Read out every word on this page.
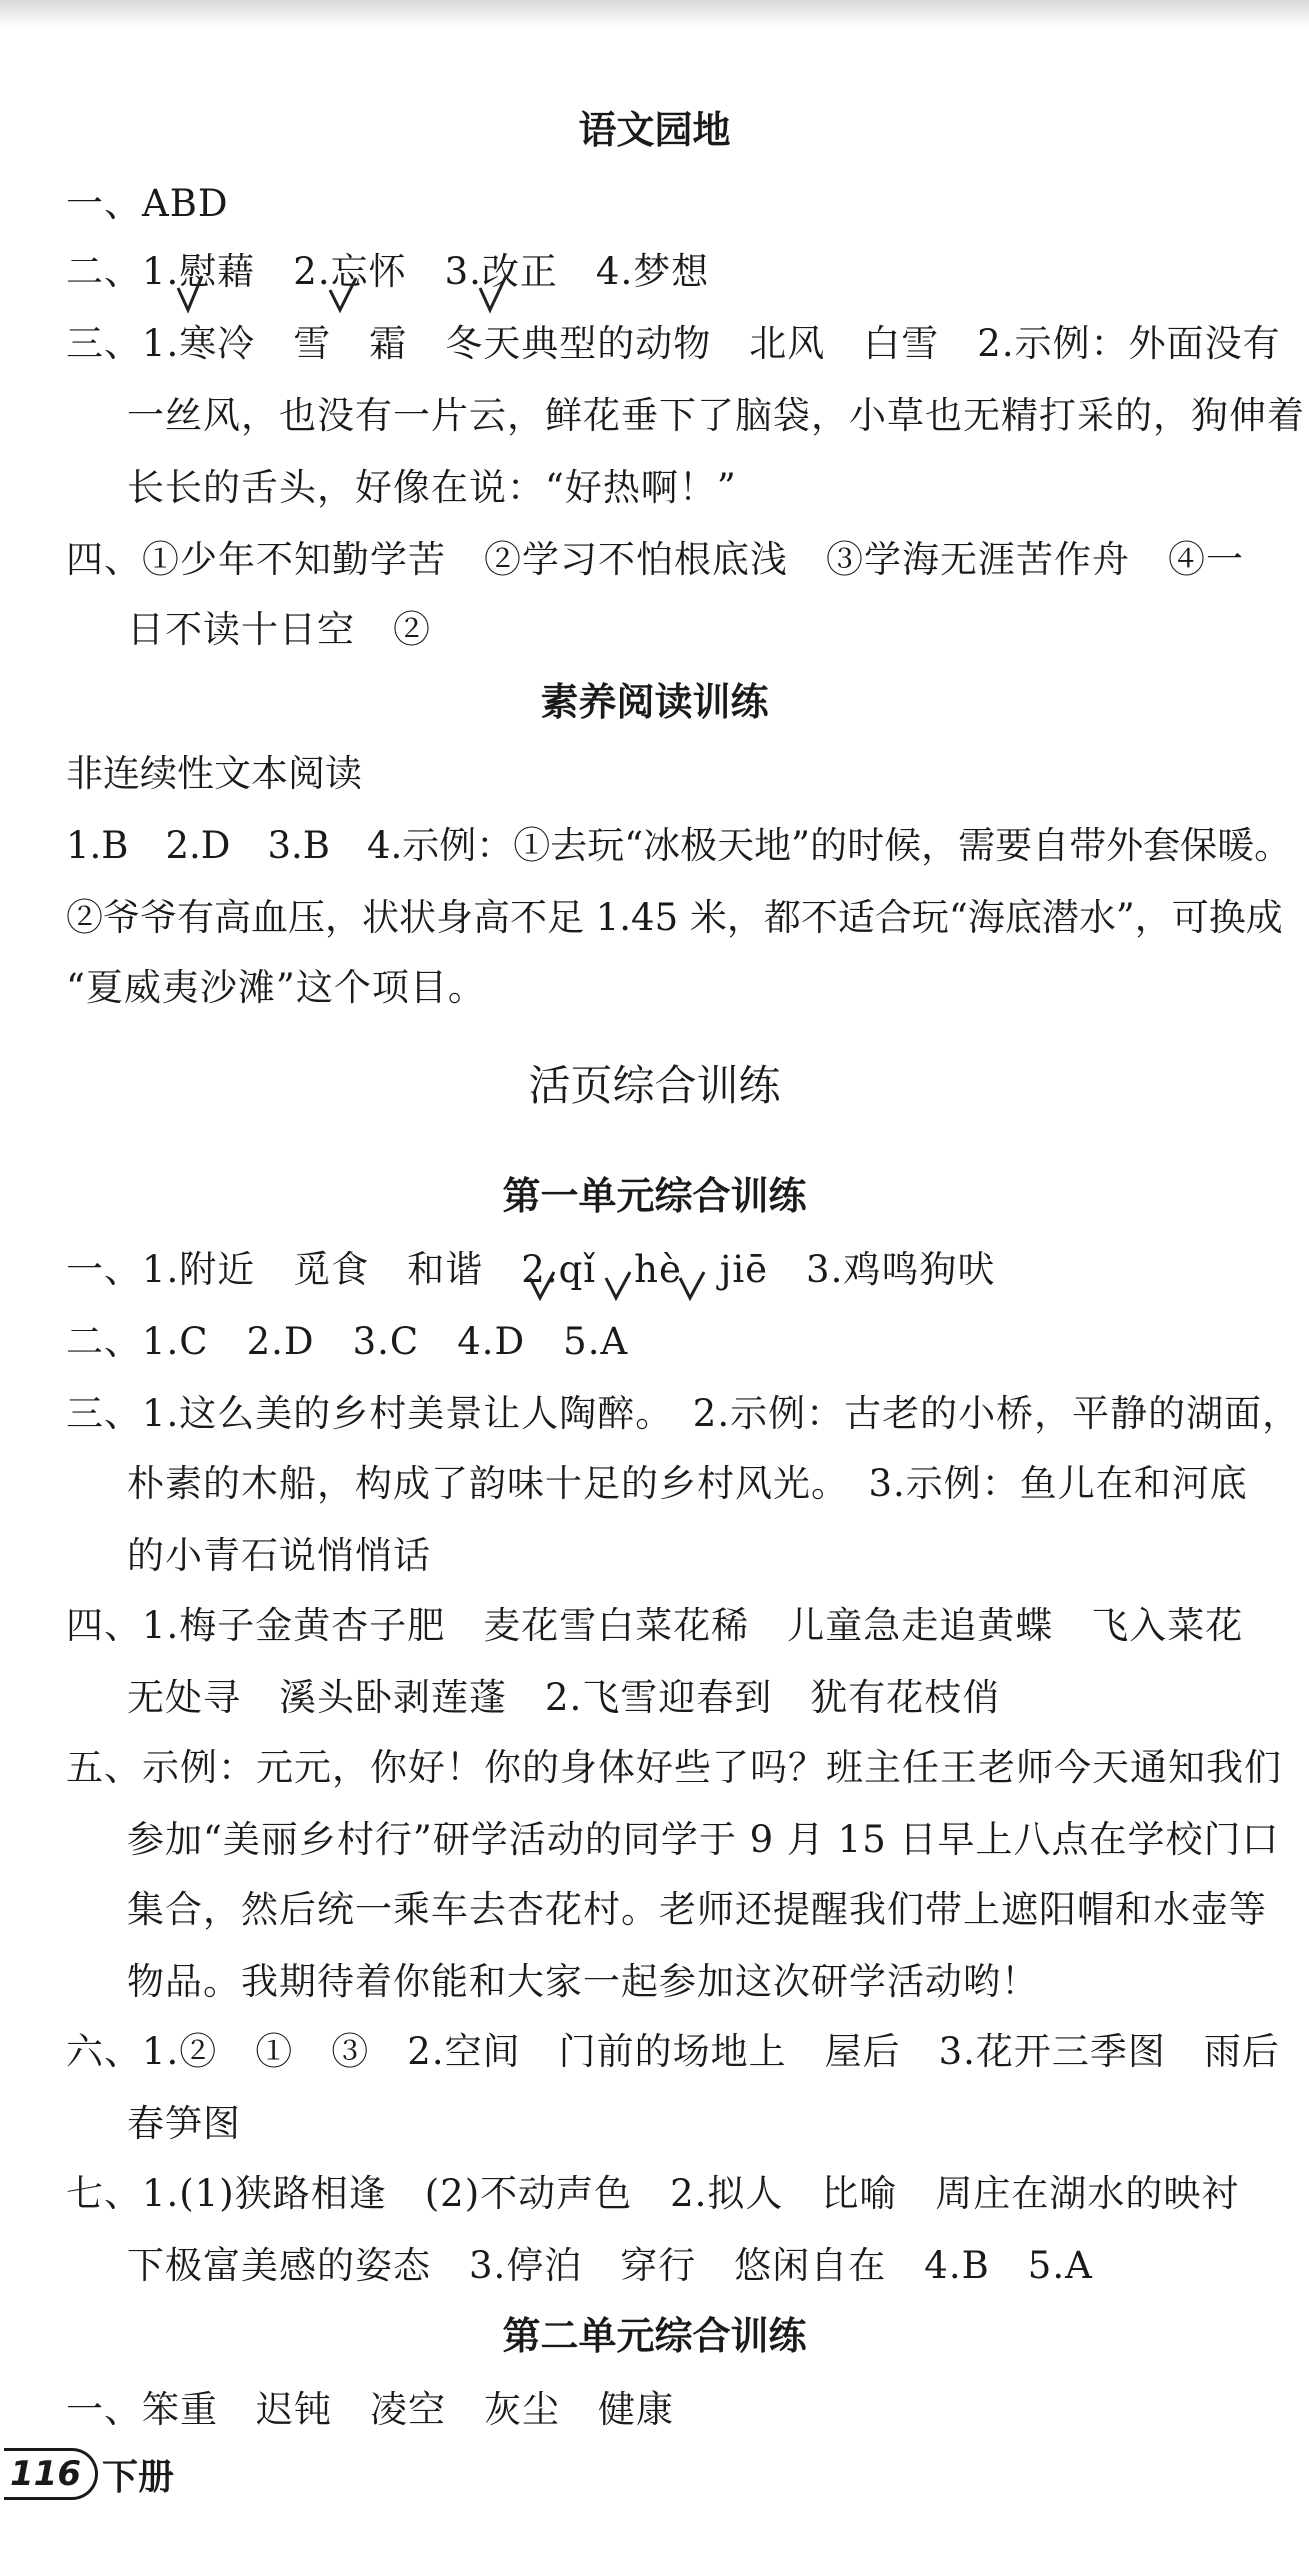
语文园地
一、ABD
二、1.慰藉　2.忘怀　3.改正　4.梦想
三、1.寒冷　雪　霜　冬天典型的动物　北风　白雪　2.示例：外面没有
一丝风，也没有一片云，鲜花垂下了脑袋，小草也无精打采的，狗伸着
长长的舌头，好像在说：“好热啊！”
四、①少年不知勤学苦　②学习不怕根底浅　③学海无涯苦作舟　④一
日不读十日空　②
素养阅读训练
非连续性文本阅读
1.B　2.D　3.B　4.示例：①去玩“冰极天地”的时候，需要自带外套保暖。
②爷爷有高血压，状状身高不足 1.45 米，都不适合玩“海底潜水”，可换成
“夏威夷沙滩”这个项目。
活页综合训练
第一单元综合训练
一、1.附近　觅食　和谐　2.qǐ　hè　jiē　3.鸡鸣狗吠
二、1.C　2.D　3.C　4.D　5.A
三、1.这么美的乡村美景让人陶醉。　2.示例：古老的小桥，平静的湖面，
朴素的木船，构成了韵味十足的乡村风光。　3.示例：鱼儿在和河底
的小青石说悄悄话
四、1.梅子金黄杏子肥　麦花雪白菜花稀　儿童急走追黄蝶　飞入菜花
无处寻　溪头卧剥莲蓬　2.飞雪迎春到　犹有花枝俏
五、示例：元元，你好！你的身体好些了吗？班主任王老师今天通知我们
参加“美丽乡村行”研学活动的同学于 9 月 15 日早上八点在学校门口
集合，然后统一乘车去杏花村。老师还提醒我们带上遮阳帽和水壶等
物品。我期待着你能和大家一起参加这次研学活动哟！
六、1.②　①　③　2.空间　门前的场地上　屋后　3.花开三季图　雨后
春笋图
七、1.(1)狭路相逢　(2)不动声色　2.拟人　比喻　周庄在湖水的映衬
下极富美感的姿态　3.停泊　穿行　悠闲自在　4.B　5.A
第二单元综合训练
一、笨重　迟钝　凌空　灰尘　健康
116 下册
